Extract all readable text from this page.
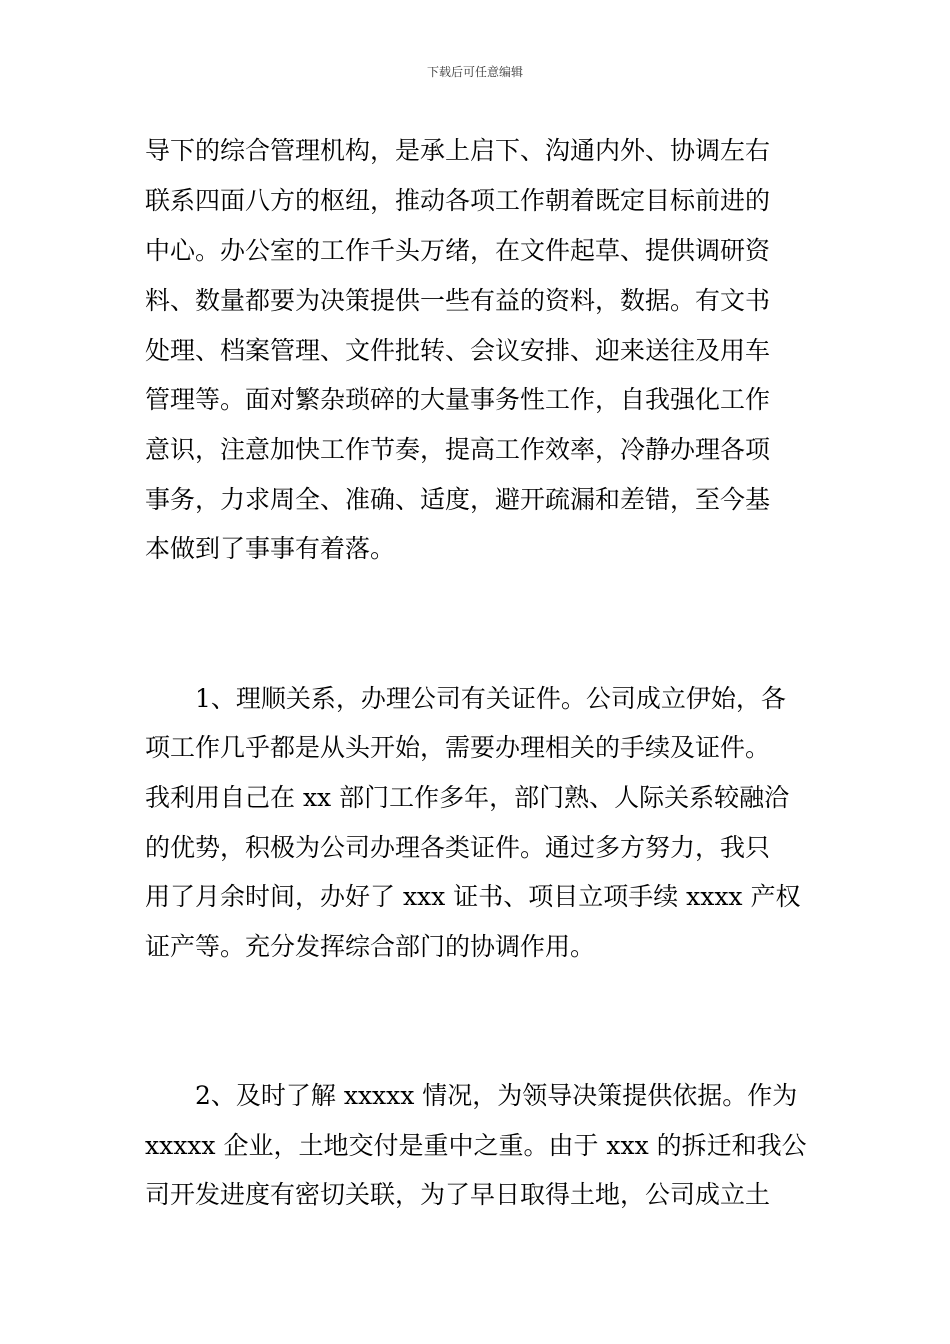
下载后可任意编辑
导下的综合管理机构，是承上启下、沟通内外、协调左右
联系四面八方的枢纽，推动各项工作朝着既定目标前进的
中心。办公室的工作千头万绪，在文件起草、提供调研资
料、数量都要为决策提供一些有益的资料，数据。有文书
处理、档案管理、文件批转、会议安排、迎来送往及用车
管理等。面对繁杂琐碎的大量事务性工作，自我强化工作
意识，注意加快工作节奏，提高工作效率，冷静办理各项
事务，力求周全、准确、适度，避开疏漏和差错，至今基
本做到了事事有着落。
1、理顺关系，办理公司有关证件。公司成立伊始，各
项工作几乎都是从头开始，需要办理相关的手续及证件。
我利用自己在 xx 部门工作多年，部门熟、人际关系较融洽
的优势，积极为公司办理各类证件。通过多方努力，我只
用了月余时间，办好了 xxx 证书、项目立项手续 xxxx 产权
证产等。充分发挥综合部门的协调作用。
2、及时了解 xxxxx 情况，为领导决策提供依据。作为
xxxxx 企业，土地交付是重中之重。由于 xxx 的拆迁和我公
司开发进度有密切关联，为了早日取得土地，公司成立土
